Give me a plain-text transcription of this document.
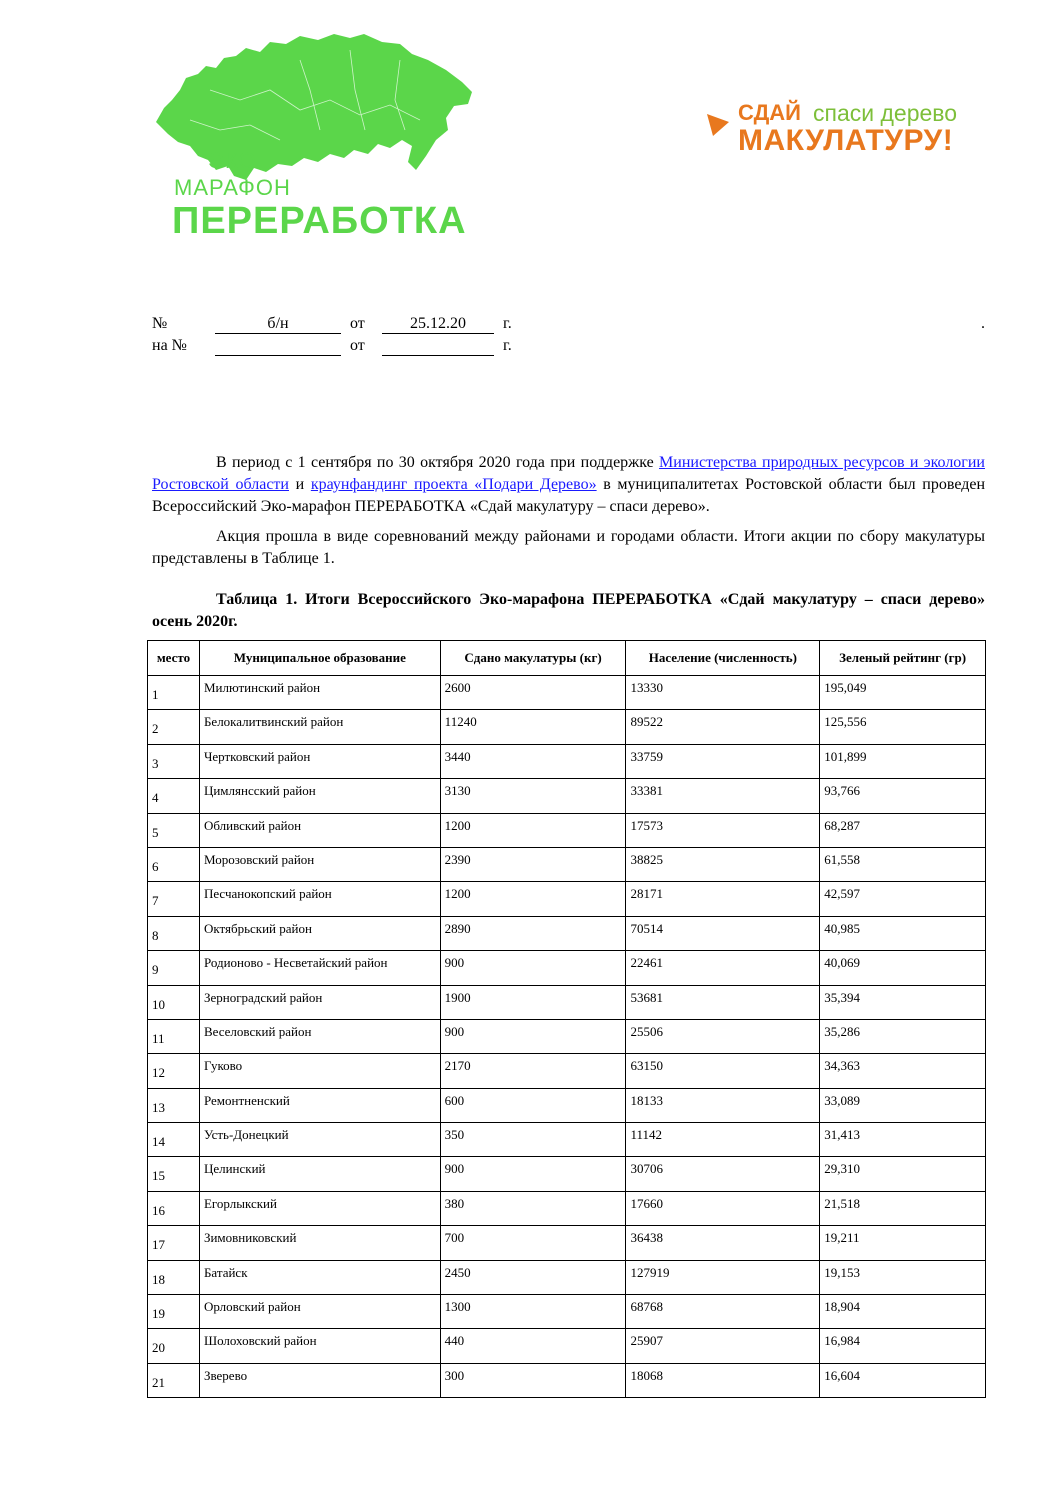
ЭКО
МАРАФОН
ПЕРЕРАБОТКА
СДАЙ спаси дерево
МАКУЛАТУРУ!
№	б/н	от	25.12.20	г.	.
на №	от	г.
В период с 1 сентября по 30 октября 2020 года при поддержке Министерства природных ресурсов и экологии Ростовской области и краунфандинг проекта «Подари Дерево» в муниципалитетах Ростовской области был проведен Всероссийский Эко-марафон ПЕРЕРАБОТКА «Сдай макулатуру – спаси дерево».
Акция прошла в виде соревнований между районами и городами области. Итоги акции по сбору макулатуры представлены в Таблице 1.
Таблица 1. Итоги Всероссийского Эко-марафона ПЕРЕРАБОТКА «Сдай макулатуру – спаси дерево» осень 2020г.
место	Муниципальное образование	Сдано макулатуры (кг)	Население (численность)	Зеленый рейтинг (гр)
1	Милютинский район	2600	13330	195,049
2	Белокалитвинский район	11240	89522	125,556
3	Чертковский район	3440	33759	101,899
4	Цимлянсский район	3130	33381	93,766
5	Обливский район	1200	17573	68,287
6	Морозовский район	2390	38825	61,558
7	Песчанокопский район	1200	28171	42,597
8	Октябрьский район	2890	70514	40,985
9	Родионово - Несветайский район	900	22461	40,069
10	Зерноградский район	1900	53681	35,394
11	Веселовский район	900	25506	35,286
12	Гуково	2170	63150	34,363
13	Ремонтненский	600	18133	33,089
14	Усть-Донецкий	350	11142	31,413
15	Целинский	900	30706	29,310
16	Егорлыкский	380	17660	21,518
17	Зимовниковский	700	36438	19,211
18	Батайск	2450	127919	19,153
19	Орловский район	1300	68768	18,904
20	Шолоховский район	440	25907	16,984
21	Зверево	300	18068	16,604
